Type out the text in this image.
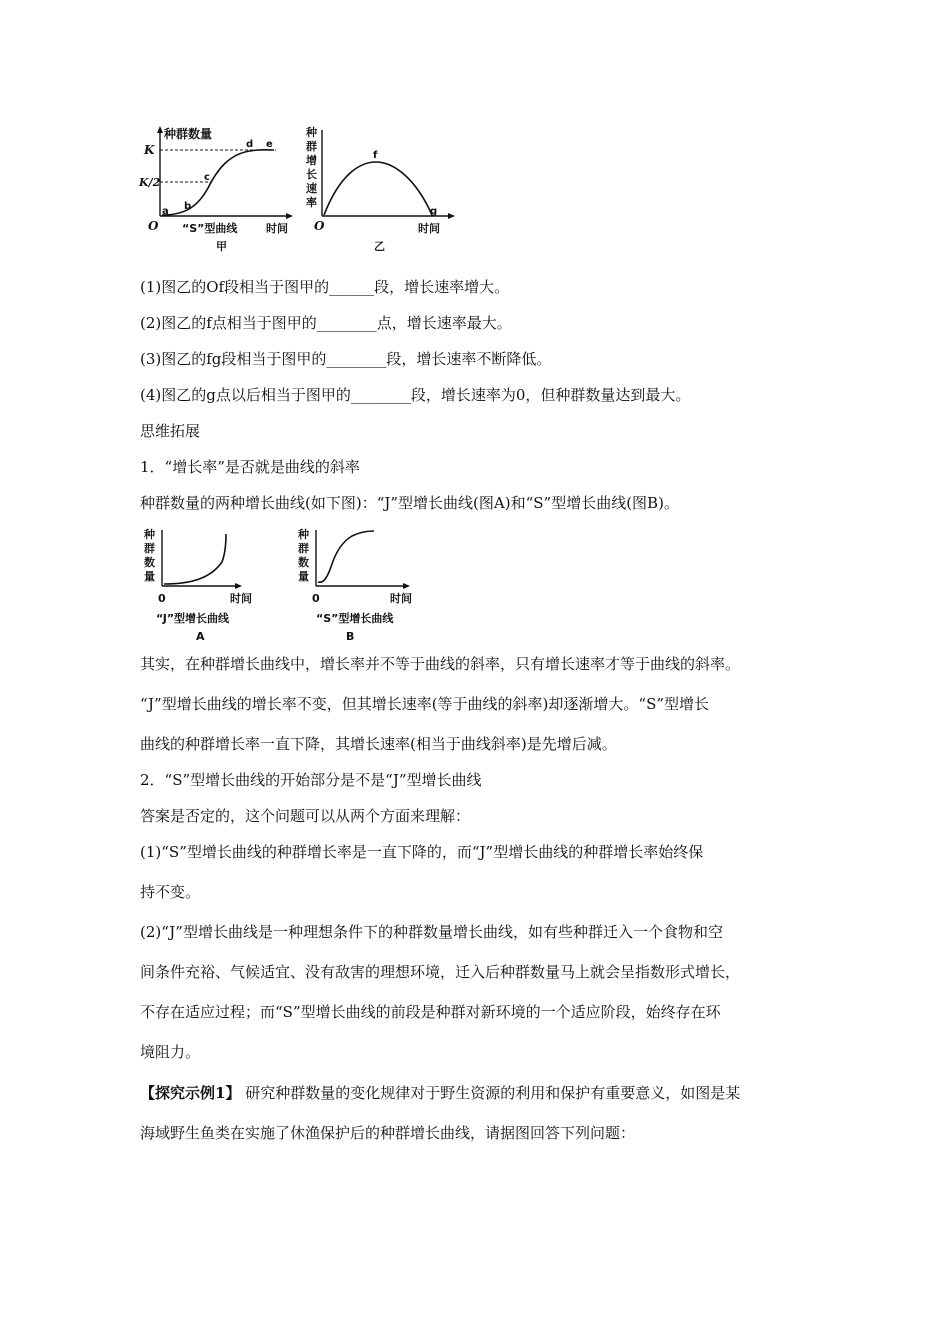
种群数量
K
K/2
O
a b
c
d e
“S”型曲线	时间
甲
种
群
增
长
速
率
f
g
O	时间
乙
(1)图乙的Of段相当于图甲的______段，增长速率增大。
(2)图乙的f点相当于图甲的________点，增长速率最大。
(3)图乙的fg段相当于图甲的________段，增长速率不断降低。
(4)图乙的g点以后相当于图甲的________段，增长速率为0，但种群数量达到最大。
思维拓展
1．“增长率”是否就是曲线的斜率
种群数量的两种增长曲线(如下图)：“J”型增长曲线(图A)和“S”型增长曲线(图B)。
种
群
数
量
0	时间
“J”型增长曲线
A
种
群
数
量
0	时间
“S”型增长曲线
B
其实，在种群增长曲线中，增长率并不等于曲线的斜率，只有增长速率才等于曲线的斜率。
“J”型增长曲线的增长率不变，但其增长速率(等于曲线的斜率)却逐渐增大。“S”型增长
曲线的种群增长率一直下降，其增长速率(相当于曲线斜率)是先增后减。
2．“S”型增长曲线的开始部分是不是“J”型增长曲线
答案是否定的，这个问题可以从两个方面来理解：
(1)“S”型增长曲线的种群增长率是一直下降的，而“J”型增长曲线的种群增长率始终保
持不变。
(2)“J”型增长曲线是一种理想条件下的种群数量增长曲线，如有些种群迁入一个食物和空
间条件充裕、气候适宜、没有敌害的理想环境，迁入后种群数量马上就会呈指数形式增长，
不存在适应过程；而“S”型增长曲线的前段是种群对新环境的一个适应阶段，始终存在环
境阻力。
【探究示例1】 研究种群数量的变化规律对于野生资源的利用和保护有重要意义，如图是某
海域野生鱼类在实施了休渔保护后的种群增长曲线，请据图回答下列问题：
